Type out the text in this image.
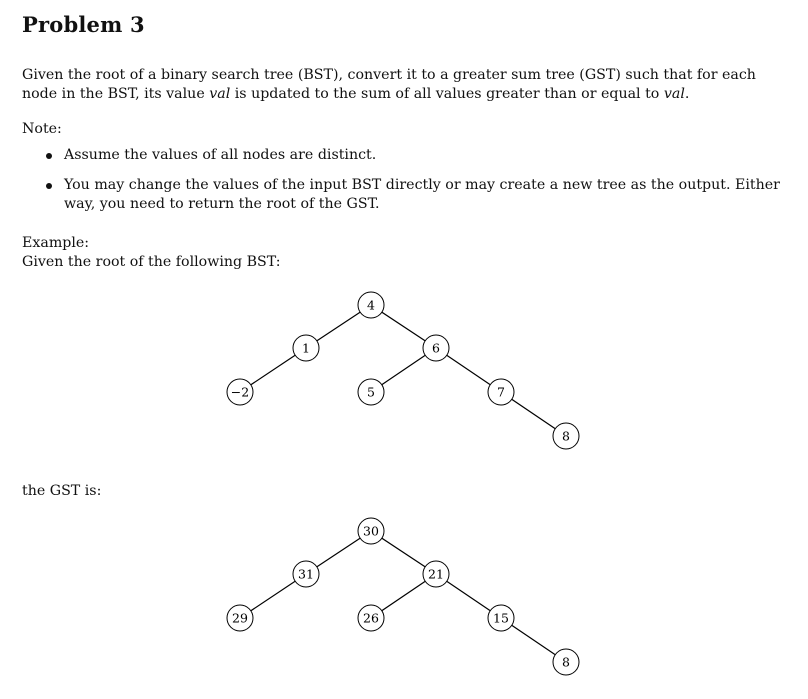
Problem 3
Given the root of a binary search tree (BST), convert it to a greater sum tree (GST) such that for each node in the BST, its value val is updated to the sum of all values greater than or equal to val.
Note:
Assume the values of all nodes are distinct.
You may change the values of the input BST directly or may create a new tree as the output. Either way, you need to return the root of the GST.
Example:
Given the root of the following BST:
4
1	6
−2	5	7
8
the GST is:
30
31	21
29	26	15
8
